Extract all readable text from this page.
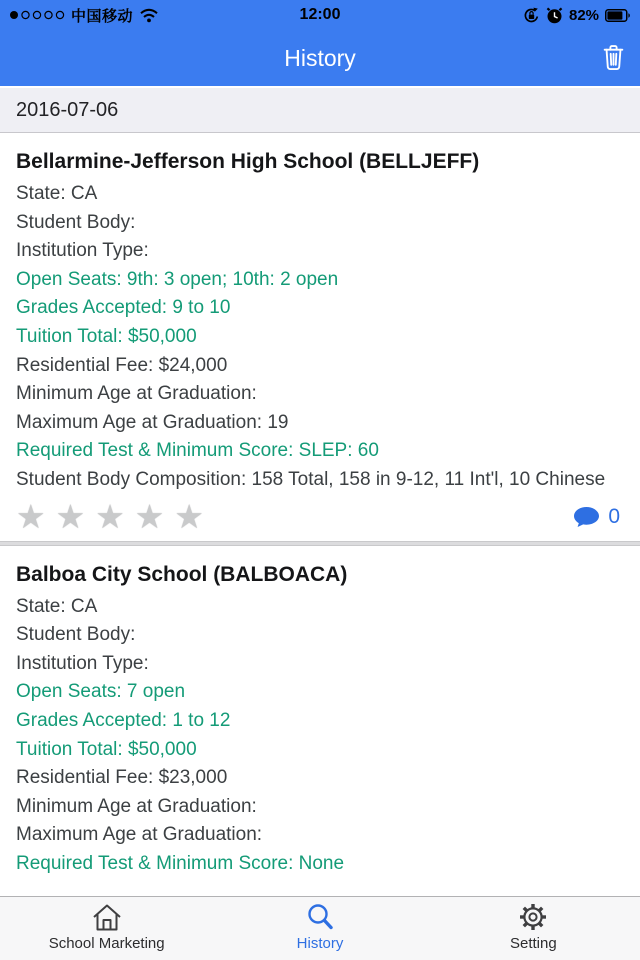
中国移动	12:00	82%
History
2016-07-06
Bellarmine-Jefferson High School (BELLJEFF)

State: CA

Student Body:

Institution Type:

Open Seats: 9th: 3 open; 10th: 2 open

Grades Accepted: 9 to 10

Tuition Total: $50,000

Residential Fee: $24,000

Minimum Age at Graduation:

Maximum Age at Graduation: 19

Required Test & Minimum Score: SLEP: 60

Student Body Composition: 158 Total, 158 in 9-12, 11 Int'l, 10 Chinese

★★★★★	0
Balboa City School (BALBOACA)

State: CA

Student Body:

Institution Type:

Open Seats: 7 open

Grades Accepted: 1 to 12

Tuition Total: $50,000

Residential Fee: $23,000

Minimum Age at Graduation:

Maximum Age at Graduation:

Required Test & Minimum Score: None

School Marketing	History	Setting
